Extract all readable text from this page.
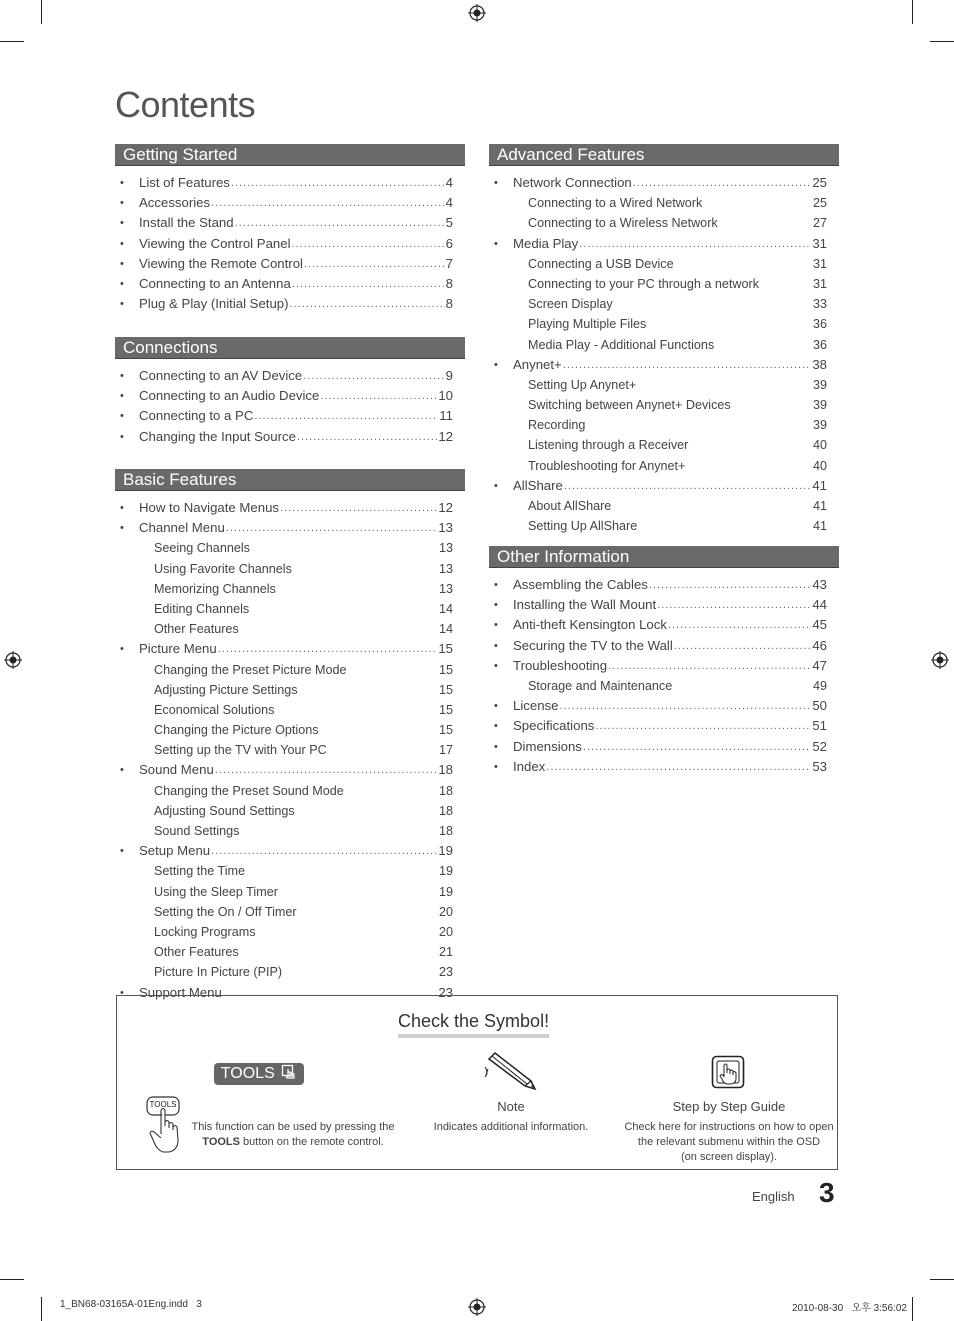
Contents
Getting Started
• List of Features .....	4
• Accessories .....	4
• Install the Stand .....	5
• Viewing the Control Panel .....	6
• Viewing the Remote Control .....	7
• Connecting to an Antenna .....	8
• Plug & Play (Initial Setup) .....	8
Connections
• Connecting to an AV Device .....	9
• Connecting to an Audio Device .....	10
• Connecting to a PC .....	11
• Changing the Input Source .....	12
Basic Features
• How to Navigate Menus .....	12
• Channel Menu .....	13
Seeing Channels	13
Using Favorite Channels	13
Memorizing Channels	13
Editing Channels	14
Other Features	14
• Picture Menu .....	15
Changing the Preset Picture Mode	15
Adjusting Picture Settings	15
Economical Solutions	15
Changing the Picture Options	15
Setting up the TV with Your PC	17
• Sound Menu .....	18
Changing the Preset Sound Mode	18
Adjusting Sound Settings	18
Sound Settings	18
• Setup Menu .....	19
Setting the Time	19
Using the Sleep Timer	19
Setting the On / Off Timer	20
Locking Programs	20
Other Features	21
Picture In Picture (PIP)	23
• Support Menu .....	23
Advanced Features
• Network Connection .....	25
Connecting to a Wired Network	25
Connecting to a Wireless Network	27
• Media Play .....	31
Connecting a USB Device	31
Connecting to your PC through a network	31
Screen Display	33
Playing Multiple Files	36
Media Play - Additional Functions	36
• Anynet+ .....	38
Setting Up Anynet+	39
Switching between Anynet+ Devices	39
Recording	39
Listening through a Receiver	40
Troubleshooting for Anynet+	40
• AllShare .....	41
About AllShare	41
Setting Up AllShare	41
Other Information
• Assembling the Cables .....	43
• Installing the Wall Mount .....	44
• Anti-theft Kensington Lock .....	45
• Securing the TV to the Wall .....	46
• Troubleshooting .....	47
Storage and Maintenance	49
• License .....	50
• Specifications .....	51
• Dimensions .....	52
• Index .....	53
Check the Symbol!
TOOLS
TOOLS
This function can be used by pressing the
TOOLS button on the remote control.
Note
Indicates additional information.
Step by Step Guide
Check here for instructions on how to open
the relevant submenu within the OSD
(on screen display).
English 3
1_BN68-03165A-01Eng.indd   3	2010-08-30   오후 3:56:02
